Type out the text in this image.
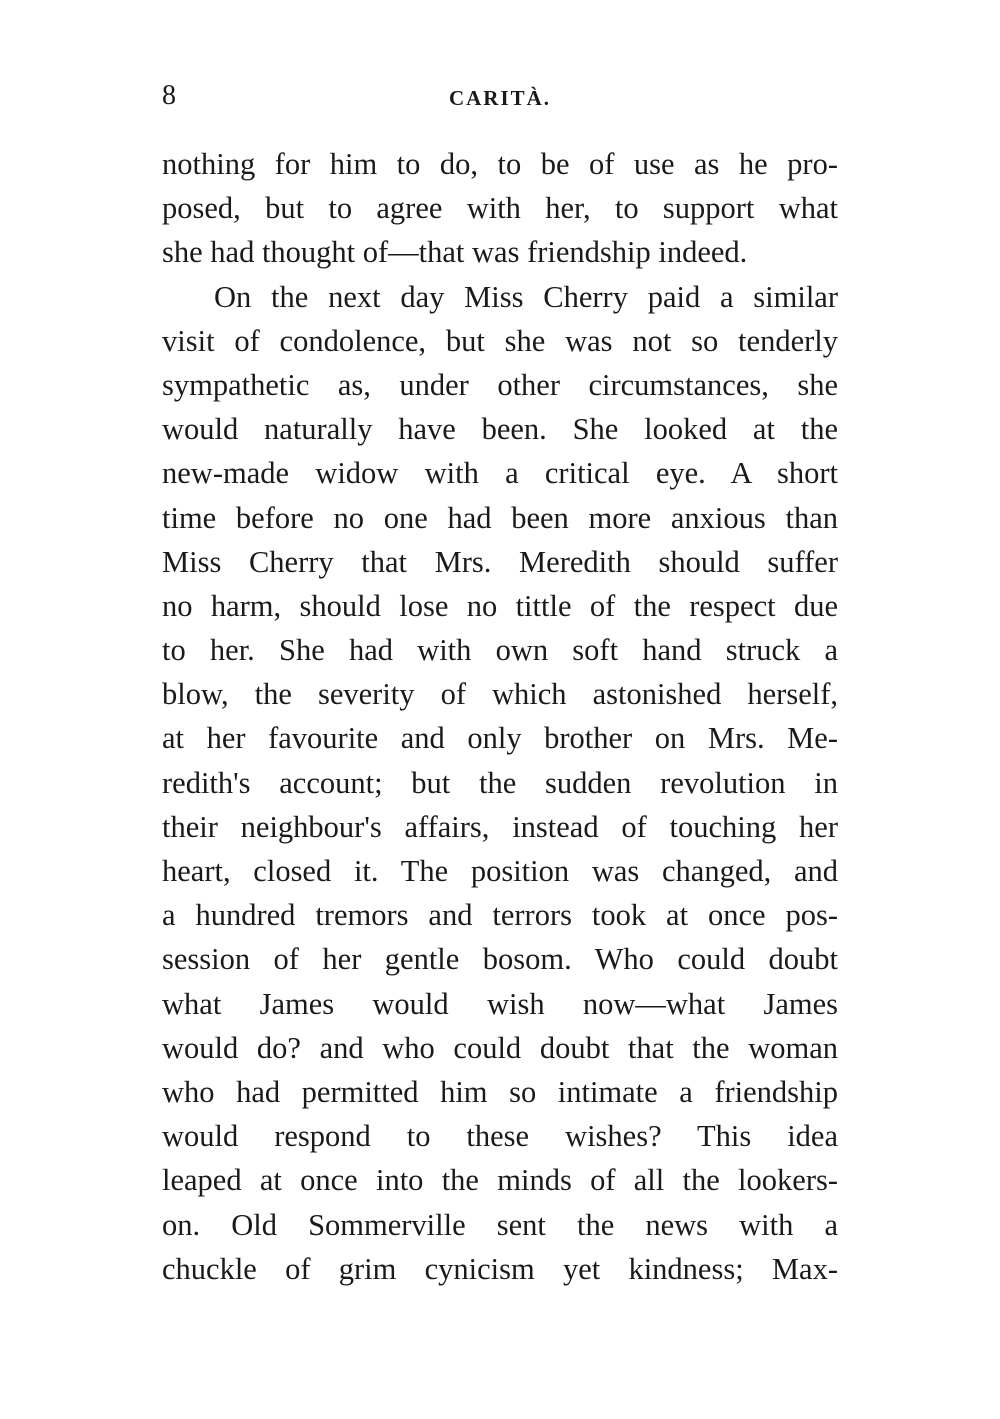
8	CARITÀ.
nothing for him to do, to be of use as he pro-
posed, but to agree with her, to support what
she had thought of—that was friendship indeed.
On the next day Miss Cherry paid a similar
visit of condolence, but she was not so tenderly
sympathetic as, under other circumstances, she
would naturally have been. She looked at the
new-made widow with a critical eye. A short
time before no one had been more anxious than
Miss Cherry that Mrs. Meredith should suffer
no harm, should lose no tittle of the respect due
to her. She had with own soft hand struck a
blow, the severity of which astonished herself,
at her favourite and only brother on Mrs. Me-
redith's account; but the sudden revolution in
their neighbour's affairs, instead of touching her
heart, closed it. The position was changed, and
a hundred tremors and terrors took at once pos-
session of her gentle bosom. Who could doubt
what James would wish now—what James
would do? and who could doubt that the woman
who had permitted him so intimate a friendship
would respond to these wishes? This idea
leaped at once into the minds of all the lookers-
on. Old Sommerville sent the news with a
chuckle of grim cynicism yet kindness; Max-
